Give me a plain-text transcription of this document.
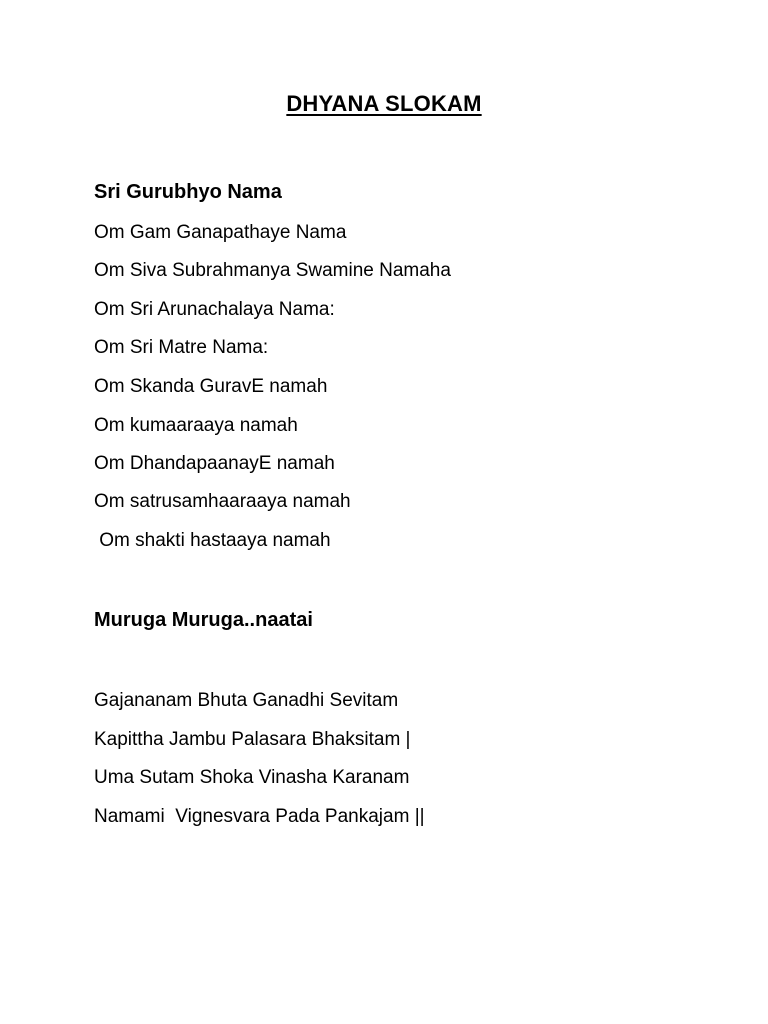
DHYANA SLOKAM
Sri Gurubhyo Nama
Om Gam Ganapathaye Nama
Om Siva Subrahmanya Swamine Namaha
Om Sri Arunachalaya Nama:
Om Sri Matre Nama:
Om Skanda GuravE namah
Om kumaaraaya namah
Om DhandapaanayE namah
Om satrusamhaaraaya namah
Om shakti hastaaya namah
Muruga Muruga..naatai
Gajananam Bhuta Ganadhi Sevitam
Kapittha Jambu Palasara Bhaksitam |
Uma Sutam Shoka Vinasha Karanam
Namami  Vignesvara Pada Pankajam ||
